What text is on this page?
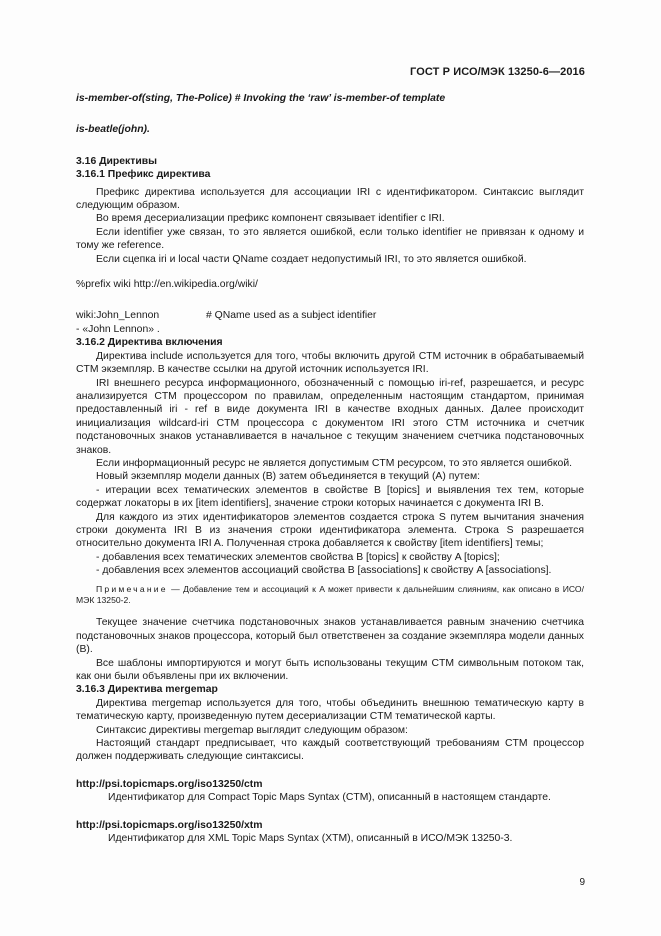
ГОСТ Р ИСО/МЭК 13250-6—2016

is-member-of(sting, The-Police) # Invoking the ‘raw’ is-member-of template

is-beatle(john).

3.16 Директивы

3.16.1 Префикс директива

Префикс директива используется для ассоциации IRI с идентификатором. Синтаксис выглядит следующим образом.

Во время десериализации префикс компонент связывает identifier с IRI.

Если identifier уже связан, то это является ошибкой, если только identifier не привязан к одному и тому же reference.

Если сцепка iri и local части QName создает недопустимый IRI, то это является ошибкой.

%prefix wiki http://en.wikipedia.org/wiki/

wiki:John_Lennon	# QName used as a subject identifier

- «John Lennon» .

3.16.2 Директива включения

Директива include используется для того, чтобы включить другой CTM источник в обрабатываемый CTM экземпляр. В качестве ссылки на другой источник используется IRI.

IRI внешнего ресурса информационного, обозначенный с помощью iri-ref, разрешается, и ресурс анализируется CTM процессором по правилам, определенным настоящим стандартом, принимая предоставленный iri - ref в виде документа IRI в качестве входных данных. Далее происходит инициализация wildcard-iri CTM процессора с документом IRI этого CTM источника и счетчик подстановочных знаков устанавливается в начальное с текущим значением счетчика подстановочных знаков.

Если информационный ресурс не является допустимым CTM ресурсом, то это является ошибкой.

Новый экземпляр модели данных (B) затем объединяется в текущий (A) путем:

- итерации всех тематических элементов в свойстве B [topics] и выявления тех тем, которые содержат локаторы в их [item identifiers], значение строки которых начинается с документа IRI B.

Для каждого из этих идентификаторов элементов создается строка S путем вычитания значения строки документа IRI B из значения строки идентификатора элемента. Строка S разрешается относительно документа IRI A. Полученная строка добавляется к свойству [item identifiers] темы;

- добавления всех тематических элементов свойства B [topics] к свойству A [topics];

- добавления всех элементов ассоциаций свойства B [associations] к свойству A [associations].

Примечание — Добавление тем и ассоциаций к A может привести к дальнейшим слияниям, как описано в ИСО/МЭК 13250-2.

Текущее значение счетчика подстановочных знаков устанавливается равным значению счетчика подстановочных знаков процессора, который был ответственен за создание экземпляра модели данных (B).

Все шаблоны импортируются и могут быть использованы текущим CTM символьным потоком так, как они были объявлены при их включении.

3.16.3 Директива mergemap

Директива mergemap используется для того, чтобы объединить внешнюю тематическую карту в тематическую карту, произведенную путем десериализации CTM тематической карты.

Синтаксис директивы mergemap выглядит следующим образом:

Настоящий стандарт предписывает, что каждый соответствующий требованиям CTM процессор должен поддерживать следующие синтаксисы.

http://psi.topicmaps.org/iso13250/ctm

Идентификатор для Compact Topic Maps Syntax (CTM), описанный в настоящем стандарте.

http://psi.topicmaps.org/iso13250/xtm

Идентификатор для XML Topic Maps Syntax (XTM), описанный в ИСО/МЭК 13250-3.

9
